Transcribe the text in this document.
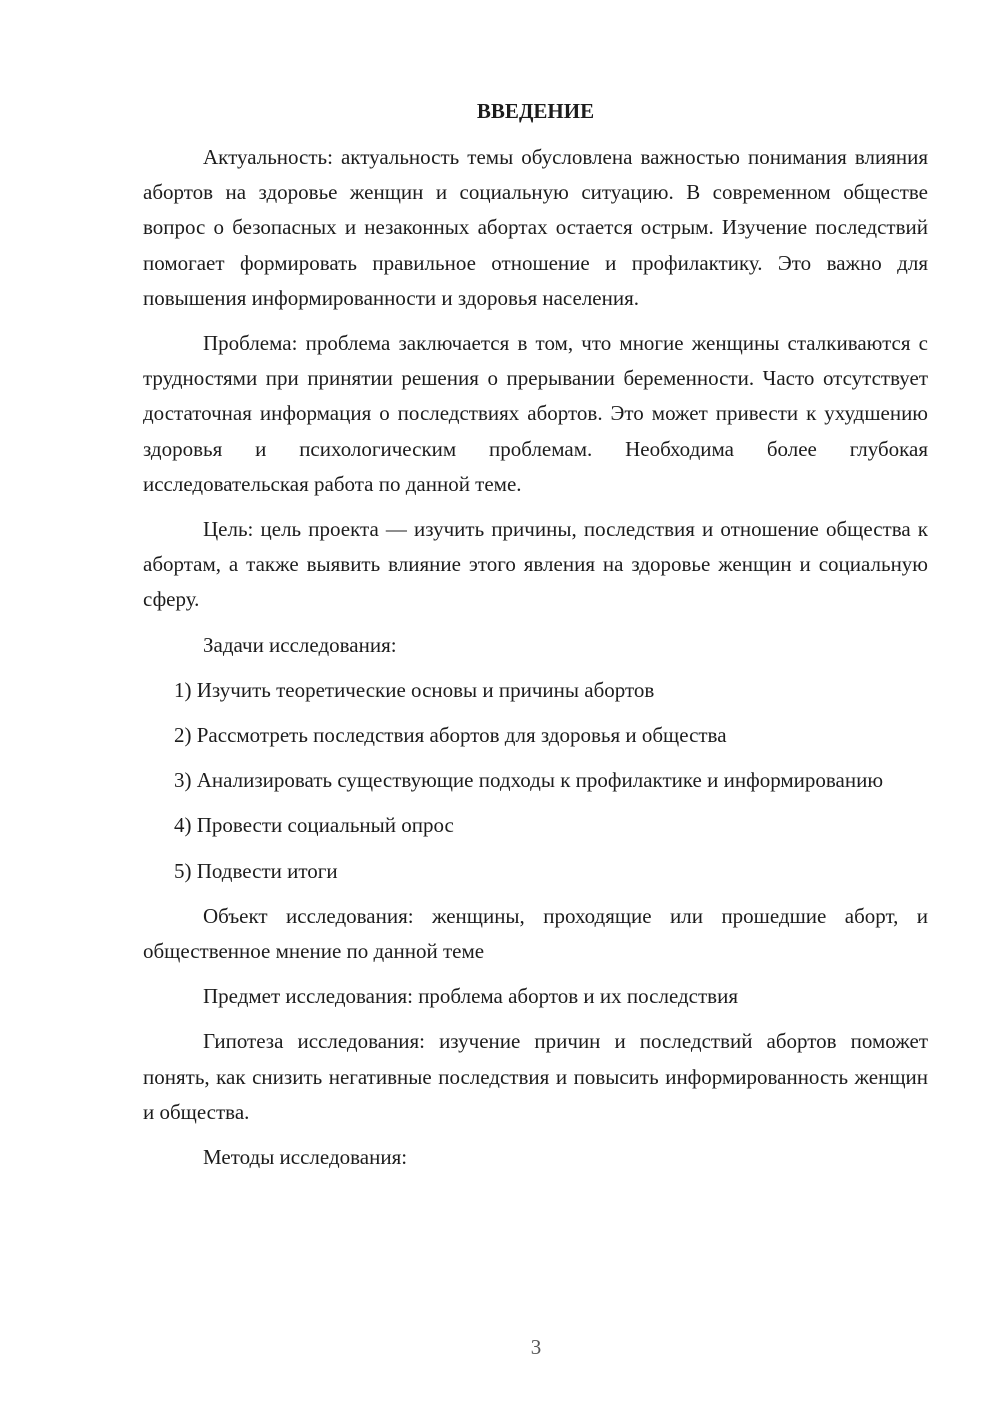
ВВЕДЕНИЕ

Актуальность: актуальность темы обусловлена важностью понимания влияния абортов на здоровье женщин и социальную ситуацию. В современном обществе вопрос о безопасных и незаконных абортах остается острым. Изучение последствий помогает формировать правильное отношение и профилактику. Это важно для повышения информированности и здоровья населения.

Проблема: проблема заключается в том, что многие женщины сталкиваются с трудностями при принятии решения о прерывании беременности. Часто отсутствует достаточная информация о последствиях абортов. Это может привести к ухудшению здоровья и психологическим проблемам. Необходима более глубокая исследовательская работа по данной теме.

Цель: цель проекта — изучить причины, последствия и отношение общества к абортам, а также выявить влияние этого явления на здоровье женщин и социальную сферу.

Задачи исследования:

1) Изучить теоретические основы и причины абортов

2) Рассмотреть последствия абортов для здоровья и общества

3) Анализировать существующие подходы к профилактике и информированию

4) Провести социальный опрос

5) Подвести итоги

Объект исследования: женщины, проходящие или прошедшие аборт, и общественное мнение по данной теме

Предмет исследования: проблема абортов и их последствия

Гипотеза исследования: изучение причин и последствий абортов поможет понять, как снизить негативные последствия и повысить информированность женщин и общества.

Методы исследования:

3
